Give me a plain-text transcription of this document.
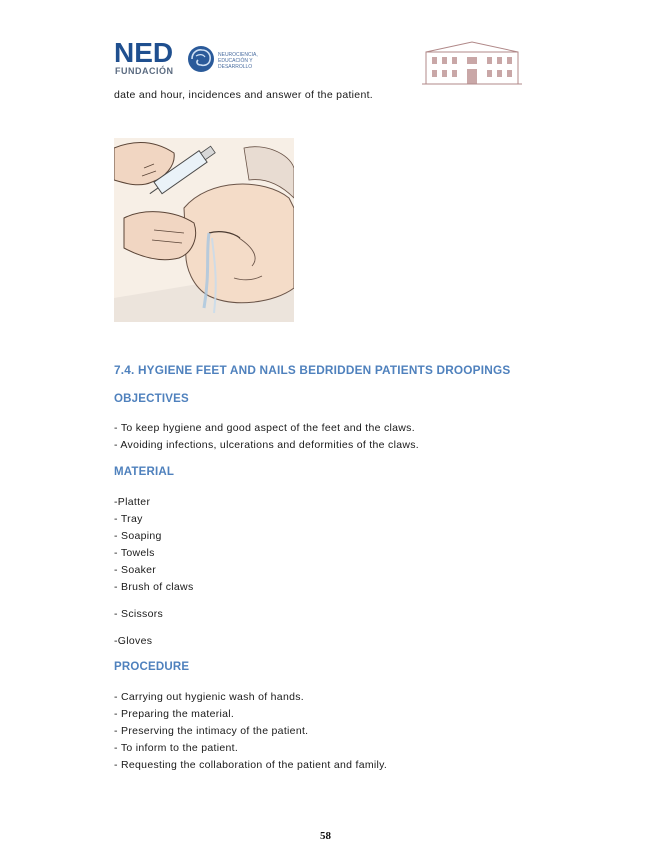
NED
FUNDACIÓN
NEUROCIENCIA, EDUCACIÓN Y DESARROLLO
date and hour, incidences and answer of the patient.
7.4. HYGIENE FEET AND NAILS BEDRIDDEN PATIENTS DROOPINGS
OBJECTIVES
- To keep hygiene and good aspect of the feet and the claws.
- Avoiding infections, ulcerations and deformities of the claws.
MATERIAL
-Platter
- Tray
- Soaping
- Towels
- Soaker
- Brush of claws
- Scissors
-Gloves
PROCEDURE
- Carrying out hygienic wash of hands.
- Preparing the material.
- Preserving the intimacy of the patient.
- To inform to the patient.
- Requesting the collaboration of the patient and family.
58
